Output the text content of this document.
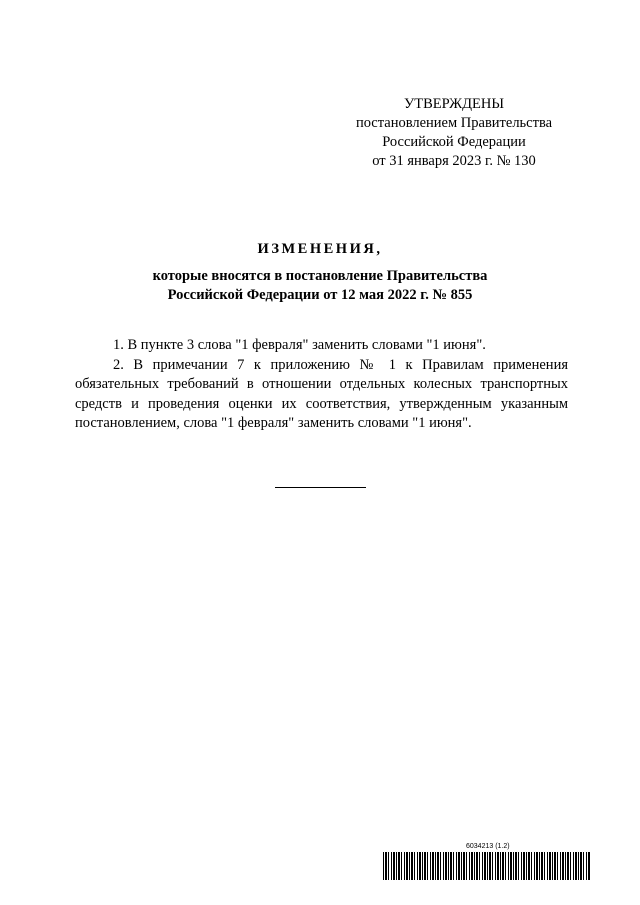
УТВЕРЖДЕНЫ
постановлением Правительства
Российской Федерации
от 31 января 2023 г. № 130
ИЗМЕНЕНИЯ,
которые вносятся в постановление Правительства
Российской Федерации от 12 мая 2022 г. № 855

1. В пункте 3 слова "1 февраля" заменить словами "1 июня".

2. В примечании 7 к приложению № 1 к Правилам применения обязательных требований в отношении отдельных колесных транспортных средств и проведения оценки их соответствия, утвержденным указанным постановлением, слова "1 февраля" заменить словами "1 июня".

6034213 (1.2)
